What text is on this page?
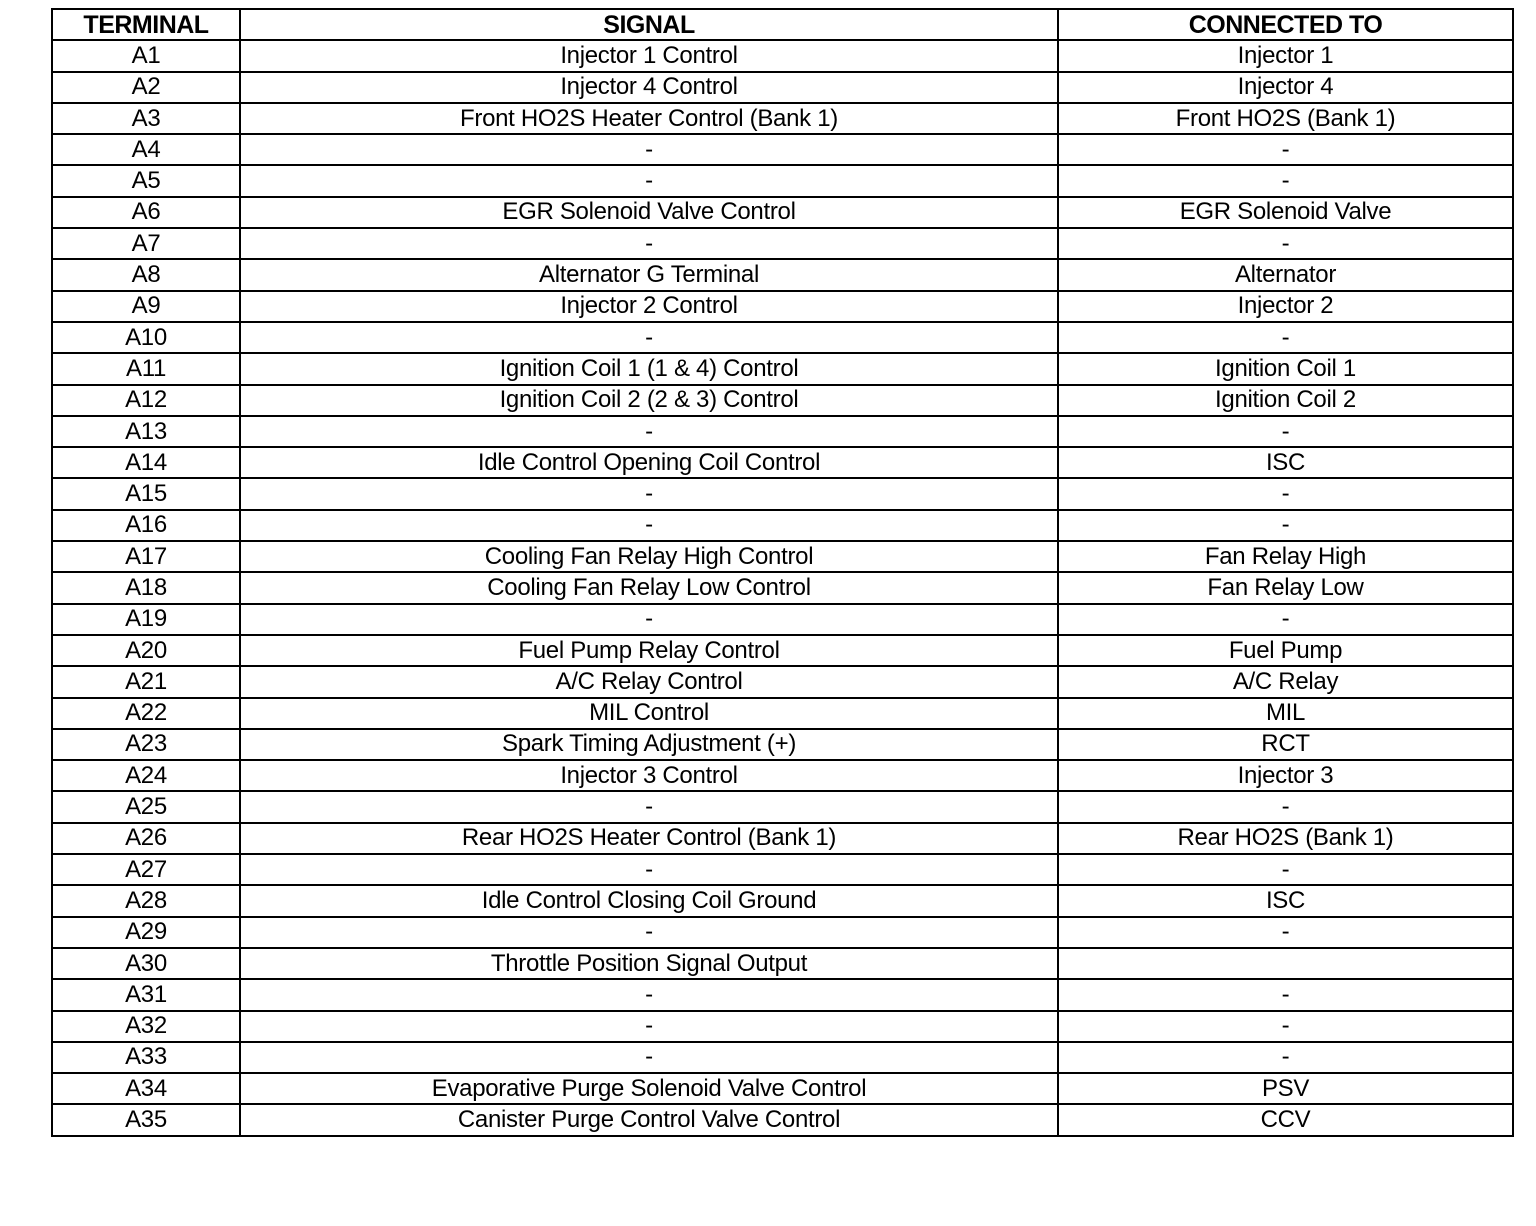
TERMINAL	SIGNAL	CONNECTED TO
A1	Injector 1 Control	Injector 1
A2	Injector 4 Control	Injector 4
A3	Front HO2S Heater Control (Bank 1)	Front HO2S (Bank 1)
A4	-	-
A5	-	-
A6	EGR Solenoid Valve Control	EGR Solenoid Valve
A7	-	-
A8	Alternator G Terminal	Alternator
A9	Injector 2 Control	Injector 2
A10	-	-
A11	Ignition Coil 1 (1 & 4) Control	Ignition Coil 1
A12	Ignition Coil 2 (2 & 3) Control	Ignition Coil 2
A13	-	-
A14	Idle Control Opening Coil Control	ISC
A15	-	-
A16	-	-
A17	Cooling Fan Relay High Control	Fan Relay High
A18	Cooling Fan Relay Low Control	Fan Relay Low
A19	-	-
A20	Fuel Pump Relay Control	Fuel Pump
A21	A/C Relay Control	A/C Relay
A22	MIL Control	MIL
A23	Spark Timing Adjustment (+)	RCT
A24	Injector 3 Control	Injector 3
A25	-	-
A26	Rear HO2S Heater Control (Bank 1)	Rear HO2S (Bank 1)
A27	-	-
A28	Idle Control Closing Coil Ground	ISC
A29	-	-
A30	Throttle Position Signal Output	
A31	-	-
A32	-	-
A33	-	-
A34	Evaporative Purge Solenoid Valve Control	PSV
A35	Canister Purge Control Valve Control	CCV
